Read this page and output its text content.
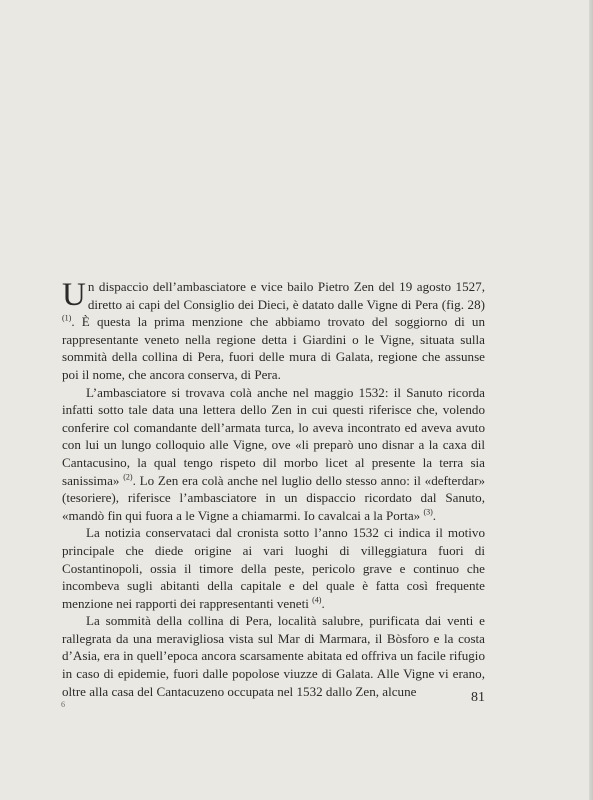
Un dispaccio dell’ambasciatore e vice bailo Pietro Zen del 19 agosto 1527, diretto ai capi del Consiglio dei Dieci, è datato dalle Vigne di Pera (fig. 28) $^{(1)}$. È questa la prima menzione che abbiamo trovato del soggiorno di un rappresentante veneto nella regione detta i Giardini o le Vigne, situata sulla sommità della collina di Pera, fuori delle mura di Galata, regione che assunse poi il nome, che ancora conserva, di Pera.

L’ambasciatore si trovava colà anche nel maggio 1532: il Sanuto ricorda infatti sotto tale data una lettera dello Zen in cui questi riferisce che, volendo conferire col comandante dell’armata turca, lo aveva incontrato ed aveva avuto con lui un lungo colloquio alle Vigne, ove «li preparò uno disnar a la caxa dil Cantacusino, la qual tengo rispeto dil morbo licet al presente la terra sia sanissima» $^{(2)}$. Lo Zen era colà anche nel luglio dello stesso anno: il «defterdar» (tesoriere), riferisce l’ambasciatore in un dispaccio ricordato dal Sanuto, «mandò fin qui fuora a le Vigne a chiamarmi. Io cavalcai a la Porta» $^{(3)}$.

La notizia conservataci dal cronista sotto l’anno 1532 ci indica il motivo principale che diede origine ai vari luoghi di villeggiatura fuori di Costantinopoli, ossia il timore della peste, pericolo grave e continuo che incombeva sugli abitanti della capitale e del quale è fatta così frequente menzione nei rapporti dei rappresentanti veneti $^{(4)}$.

La sommità della collina di Pera, località salubre, purificata dai venti e rallegrata da una meravigliosa vista sul Mar di Marmara, il Bòsforo e la costa d’Asia, era in quell’epoca ancora scarsamente abitata ed offriva un facile rifugio in caso di epidemie, fuori dalle popolose viuzze di Galata. Alle Vigne vi erano, oltre alla casa del Cantacuzeno occupata nel 1532 dallo Zen, alcune

6	81
